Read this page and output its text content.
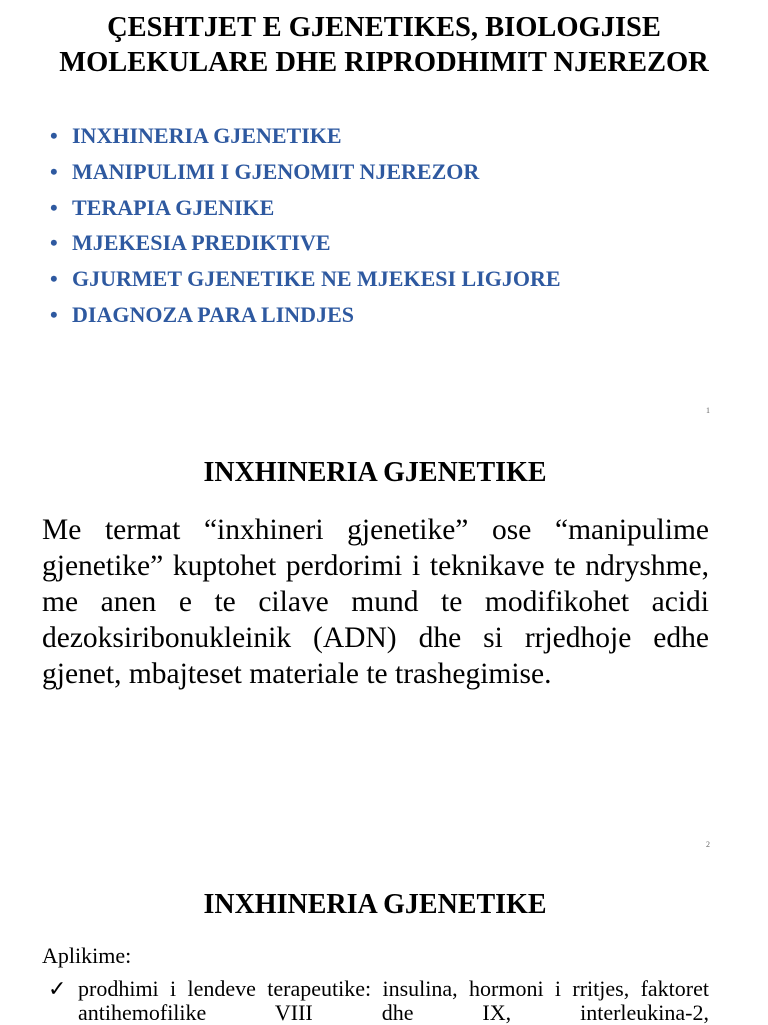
ÇESHTJET E GJENETIKES, BIOLOGJISE
MOLEKULARE DHE RIPRODHIMIT NJEREZOR
• INXHINERIA GJENETIKE
• MANIPULIMI I GJENOMIT NJEREZOR
• TERAPIA GJENIKE
• MJEKESIA PREDIKTIVE
• GJURMET GJENETIKE NE MJEKESI LIGJORE
• DIAGNOZA PARA LINDJES
1
INXHINERIA GJENETIKE
Me termat “inxhineri gjenetike” ose “manipulime gjenetike” kuptohet perdorimi i teknikave te ndryshme, me anen e te cilave mund te modifikohet acidi dezoksiribonukleinik (ADN) dhe si rrjedhoje edhe gjenet, mbajteset materiale te trashegimise.
2
INXHINERIA GJENETIKE
Aplikime:
✓ prodhimi i lendeve terapeutike: insulina, hormoni i rritjes, faktoret antihemofilike VIII dhe IX, interleukina-2,
